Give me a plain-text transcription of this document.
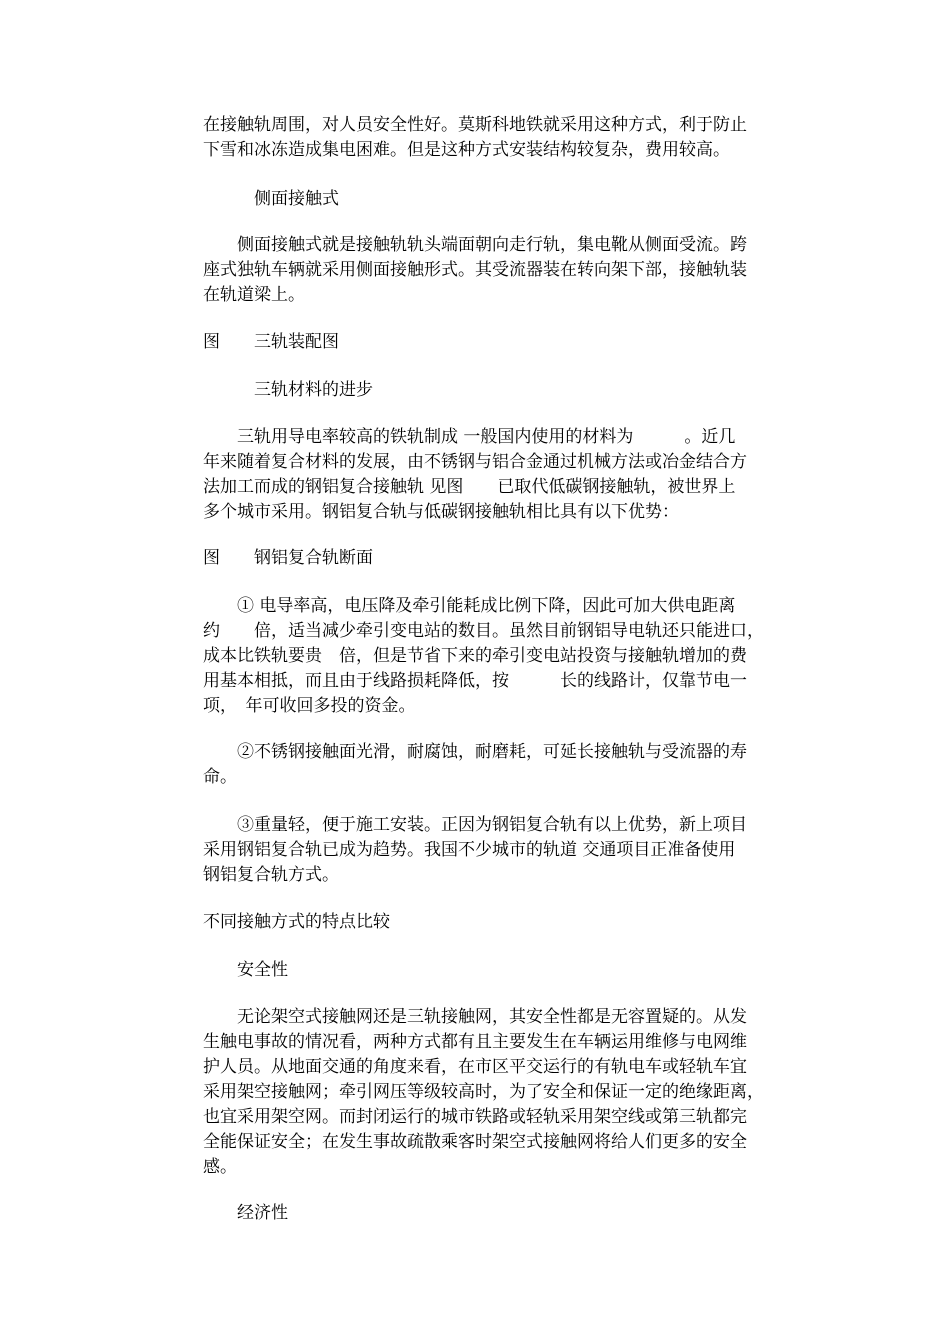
在接触轨周围，对人员安全性好。莫斯科地铁就采用这种方式，利于防止
下雪和冰冻造成集电困难。但是这种方式安装结构较复杂，费用较高。
　　　侧面接触式
　　侧面接触式就是接触轨轨头端面朝向走行轨，集电靴从侧面受流。跨
座式独轨车辆就采用侧面接触形式。其受流器装在转向架下部，接触轨装
在轨道梁上。
图　　三轨装配图
　　　三轨材料的进步
　　三轨用导电率较高的铁轨制成 一般国内使用的材料为　　　。近几
年来随着复合材料的发展，由不锈钢与铝合金通过机械方法或冶金结合方
法加工而成的钢铝复合接触轨 见图　　已取代低碳钢接触轨，被世界上
多个城市采用。钢铝复合轨与低碳钢接触轨相比具有以下优势：
图　　钢铝复合轨断面
　　① 电导率高，电压降及牵引能耗成比例下降，因此可加大供电距离
约　　倍，适当减少牵引变电站的数目。虽然目前钢铝导电轨还只能进口，
成本比铁轨要贵　倍，但是节省下来的牵引变电站投资与接触轨增加的费
用基本相抵，而且由于线路损耗降低，按　　　长的线路计，仅靠节电一
项，　年可收回多投的资金。
　　②不锈钢接触面光滑，耐腐蚀，耐磨耗，可延长接触轨与受流器的寿
命。
　　③重量轻，便于施工安装。正因为钢铝复合轨有以上优势，新上项目
采用钢铝复合轨已成为趋势。我国不少城市的轨道 交通项目正准备使用
钢铝复合轨方式。
不同接触方式的特点比较
　　安全性
　　无论架空式接触网还是三轨接触网，其安全性都是无容置疑的。从发
生触电事故的情况看，两种方式都有且主要发生在车辆运用维修与电网维
护人员。从地面交通的角度来看，在市区平交运行的有轨电车或轻轨车宜
采用架空接触网；牵引网压等级较高时，为了安全和保证一定的绝缘距离，
也宜采用架空网。而封闭运行的城市铁路或轻轨采用架空线或第三轨都完
全能保证安全；在发生事故疏散乘客时架空式接触网将给人们更多的安全
感。
　　经济性
